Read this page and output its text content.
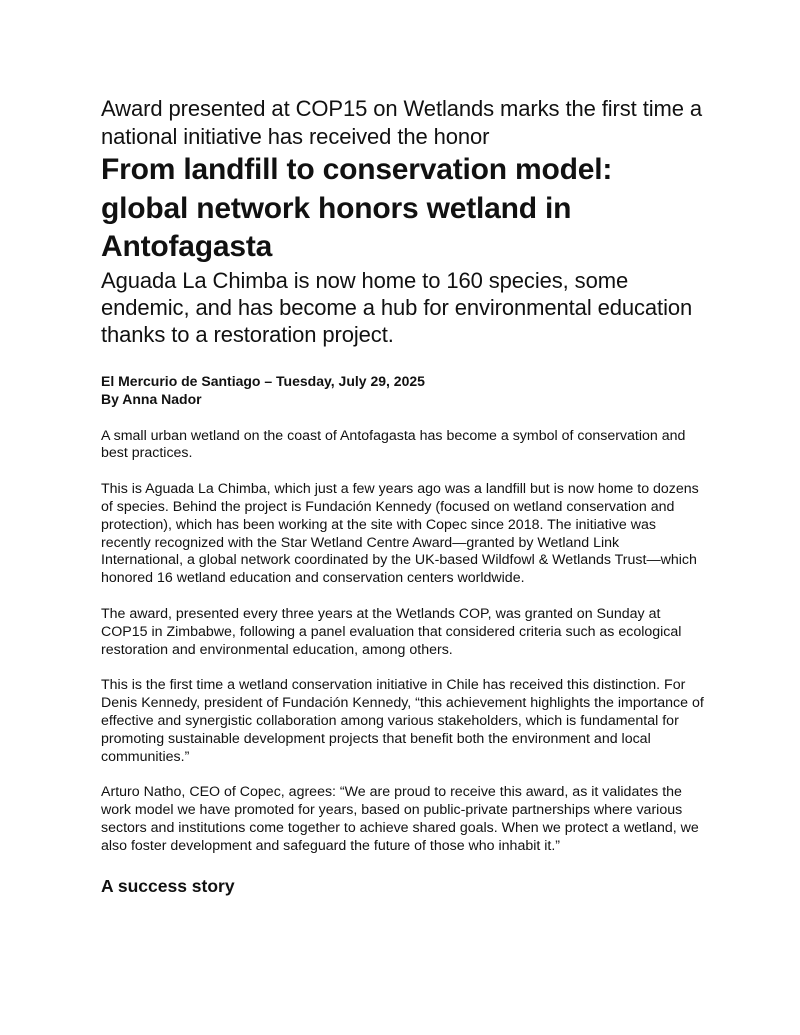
Award presented at COP15 on Wetlands marks the first time a national initiative has received the honor

From landfill to conservation model: global network honors wetland in Antofagasta

Aguada La Chimba is now home to 160 species, some endemic, and has become a hub for environmental education thanks to a restoration project.

El Mercurio de Santiago – Tuesday, July 29, 2025
By Anna Nador

A small urban wetland on the coast of Antofagasta has become a symbol of conservation and best practices.

This is Aguada La Chimba, which just a few years ago was a landfill but is now home to dozens of species. Behind the project is Fundación Kennedy (focused on wetland conservation and protection), which has been working at the site with Copec since 2018. The initiative was recently recognized with the Star Wetland Centre Award—granted by Wetland Link International, a global network coordinated by the UK-based Wildfowl & Wetlands Trust—which honored 16 wetland education and conservation centers worldwide.

The award, presented every three years at the Wetlands COP, was granted on Sunday at COP15 in Zimbabwe, following a panel evaluation that considered criteria such as ecological restoration and environmental education, among others.

This is the first time a wetland conservation initiative in Chile has received this distinction. For Denis Kennedy, president of Fundación Kennedy, “this achievement highlights the importance of effective and synergistic collaboration among various stakeholders, which is fundamental for promoting sustainable development projects that benefit both the environment and local communities.”

Arturo Natho, CEO of Copec, agrees: “We are proud to receive this award, as it validates the work model we have promoted for years, based on public-private partnerships where various sectors and institutions come together to achieve shared goals. When we protect a wetland, we also foster development and safeguard the future of those who inhabit it.”

A success story
